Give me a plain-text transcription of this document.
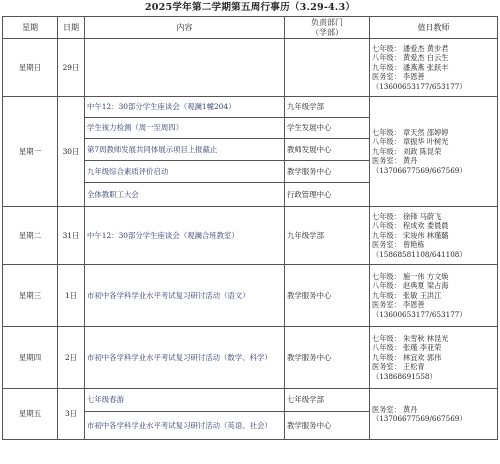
2025学年第二学期第五周行事历（3.29-4.3）
星期	日期	内容	负责部门
（学部）	值日教师
星期日	29日			七年级： 潘爱杰 黄步君
八年级： 黄爱杰 白云生
九年级： 潘燕燕 张跃丰
医务室： 李恩善
（13600653177/653177）

星期一	30日	中午12：30部分学生座谈会（观澜1幢204）	九年级学部	七年级： 章天然 邵婷婷
八年级： 章振华 叶树光
九年级： 刘政 陈昆荣
医务室： 黄丹
（13706677569/667569）

		学生视力检测（周一至周四）	学生发展中心	
		第7周教师发展共同体展示项目上报截止	教师发展中心	
		九年级综合素质评价启动	教学服务中心	
		全体教职工大会	行政管理中心	
星期二	31日	中午12：30部分学生座谈会（观澜合班教室）	九年级学部	七年级： 徐锋 马蔚飞
八年级： 程成欢 娄晨晨
九年级： 宋竣伟 林瑾璐
医务室： 曾艳栋
（15868581108/641108）

星期三	1日	市初中各学科学业水平考试复习研讨活动（语文）	教学服务中心	七年级： 施一伟 方文焕
八年级： 赵典夏 梁占海
九年级： 张敏 王洪江
医务室： 李恩善
（13600653177/653177）

星期四	2日	市初中各学科学业水平考试复习研讨活动（数学、科学）	教学服务中心	七年级： 朱雪秋 林昆光
八年级： 张瑾 李亚荣
九年级： 林宜欢 郭伟
医务室： 王松青
（13868691558）

星期五	3日	七年级春游	七年级学部	医务室： 黄丹
（13706677569/667569）

		市初中各学科学业水平考试复习研讨活动（英语、社会）	教学服务中心	
